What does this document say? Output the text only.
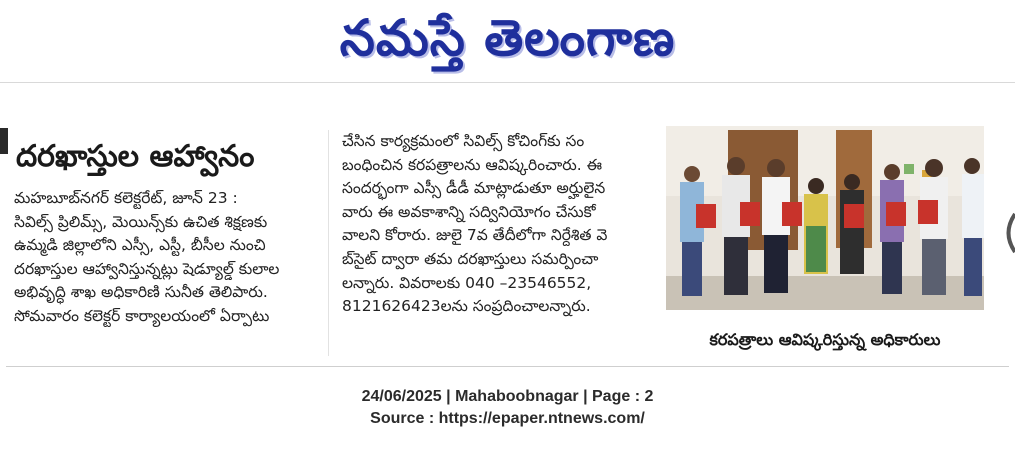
నమస్తే తెలంగాణ
దరఖాస్తుల ఆహ్వానం
మహబూబ్‌నగర్ కలెక్టరేట్, జూన్ 23 :
సివిల్స్ ప్రిలిమ్స్, మెయిన్స్‌కు ఉచిత శిక్షణకు
ఉమ్మడి జిల్లాలోని ఎస్సీ, ఎస్టీ, బీసీల నుంచి
దరఖాస్తుల ఆహ్వానిస్తున్నట్లు షెడ్యూల్డ్ కులాల
అభివృద్ధి శాఖ అధికారిణి సునీత తెలిపారు.
సోమవారం కలెక్టర్ కార్యాలయంలో ఏర్పాటు
చేసిన కార్యక్రమంలో సివిల్స్ కోచింగ్‌కు సం
బంధించిన కరపత్రాలను ఆవిష్కరించారు. ఈ
సందర్భంగా ఎస్సీ డీడీ మాట్లాడుతూ అర్హులైన
వారు ఈ అవకాశాన్ని సద్వినియోగం చేసుకో
వాలని కోరారు. జులై 7వ తేదీలోగా నిర్దేశిత వె
బ్‌సైట్ ద్వారా తమ దరఖాస్తులు సమర్పించా
లన్నారు. వివరాలకు 040 –23546552,
8121626423లను సంప్రదించాలన్నారు.
కరపత్రాలు ఆవిష్కరిస్తున్న అధికారులు
24/06/2025 | Mahaboobnagar | Page : 2
Source : https://epaper.ntnews.com/
